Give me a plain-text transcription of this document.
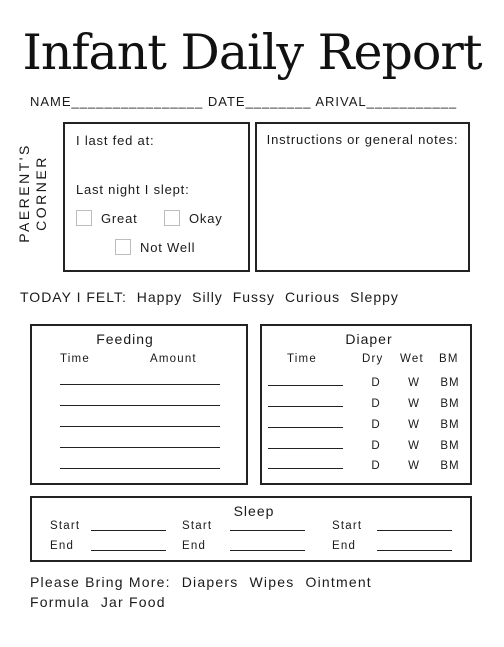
Infant Daily Report
NAME________________ DATE________ ARIVAL___________
PAERENT'S CORNER
I last fed at:
Last night I slept:
Great	Okay
Not Well
Instructions or general notes:
TODAY I FELT: Happy Silly Fussy Curious Sleppy
Feeding
Time	Amount
Diaper
Time	Dry Wet BM
D	W	BM
D	W	BM
D	W	BM
D	W	BM
D	W	BM
Sleep
Start
End
Start
End
Start
End
Please Bring More: Diapers Wipes Ointment
Formula Jar Food
